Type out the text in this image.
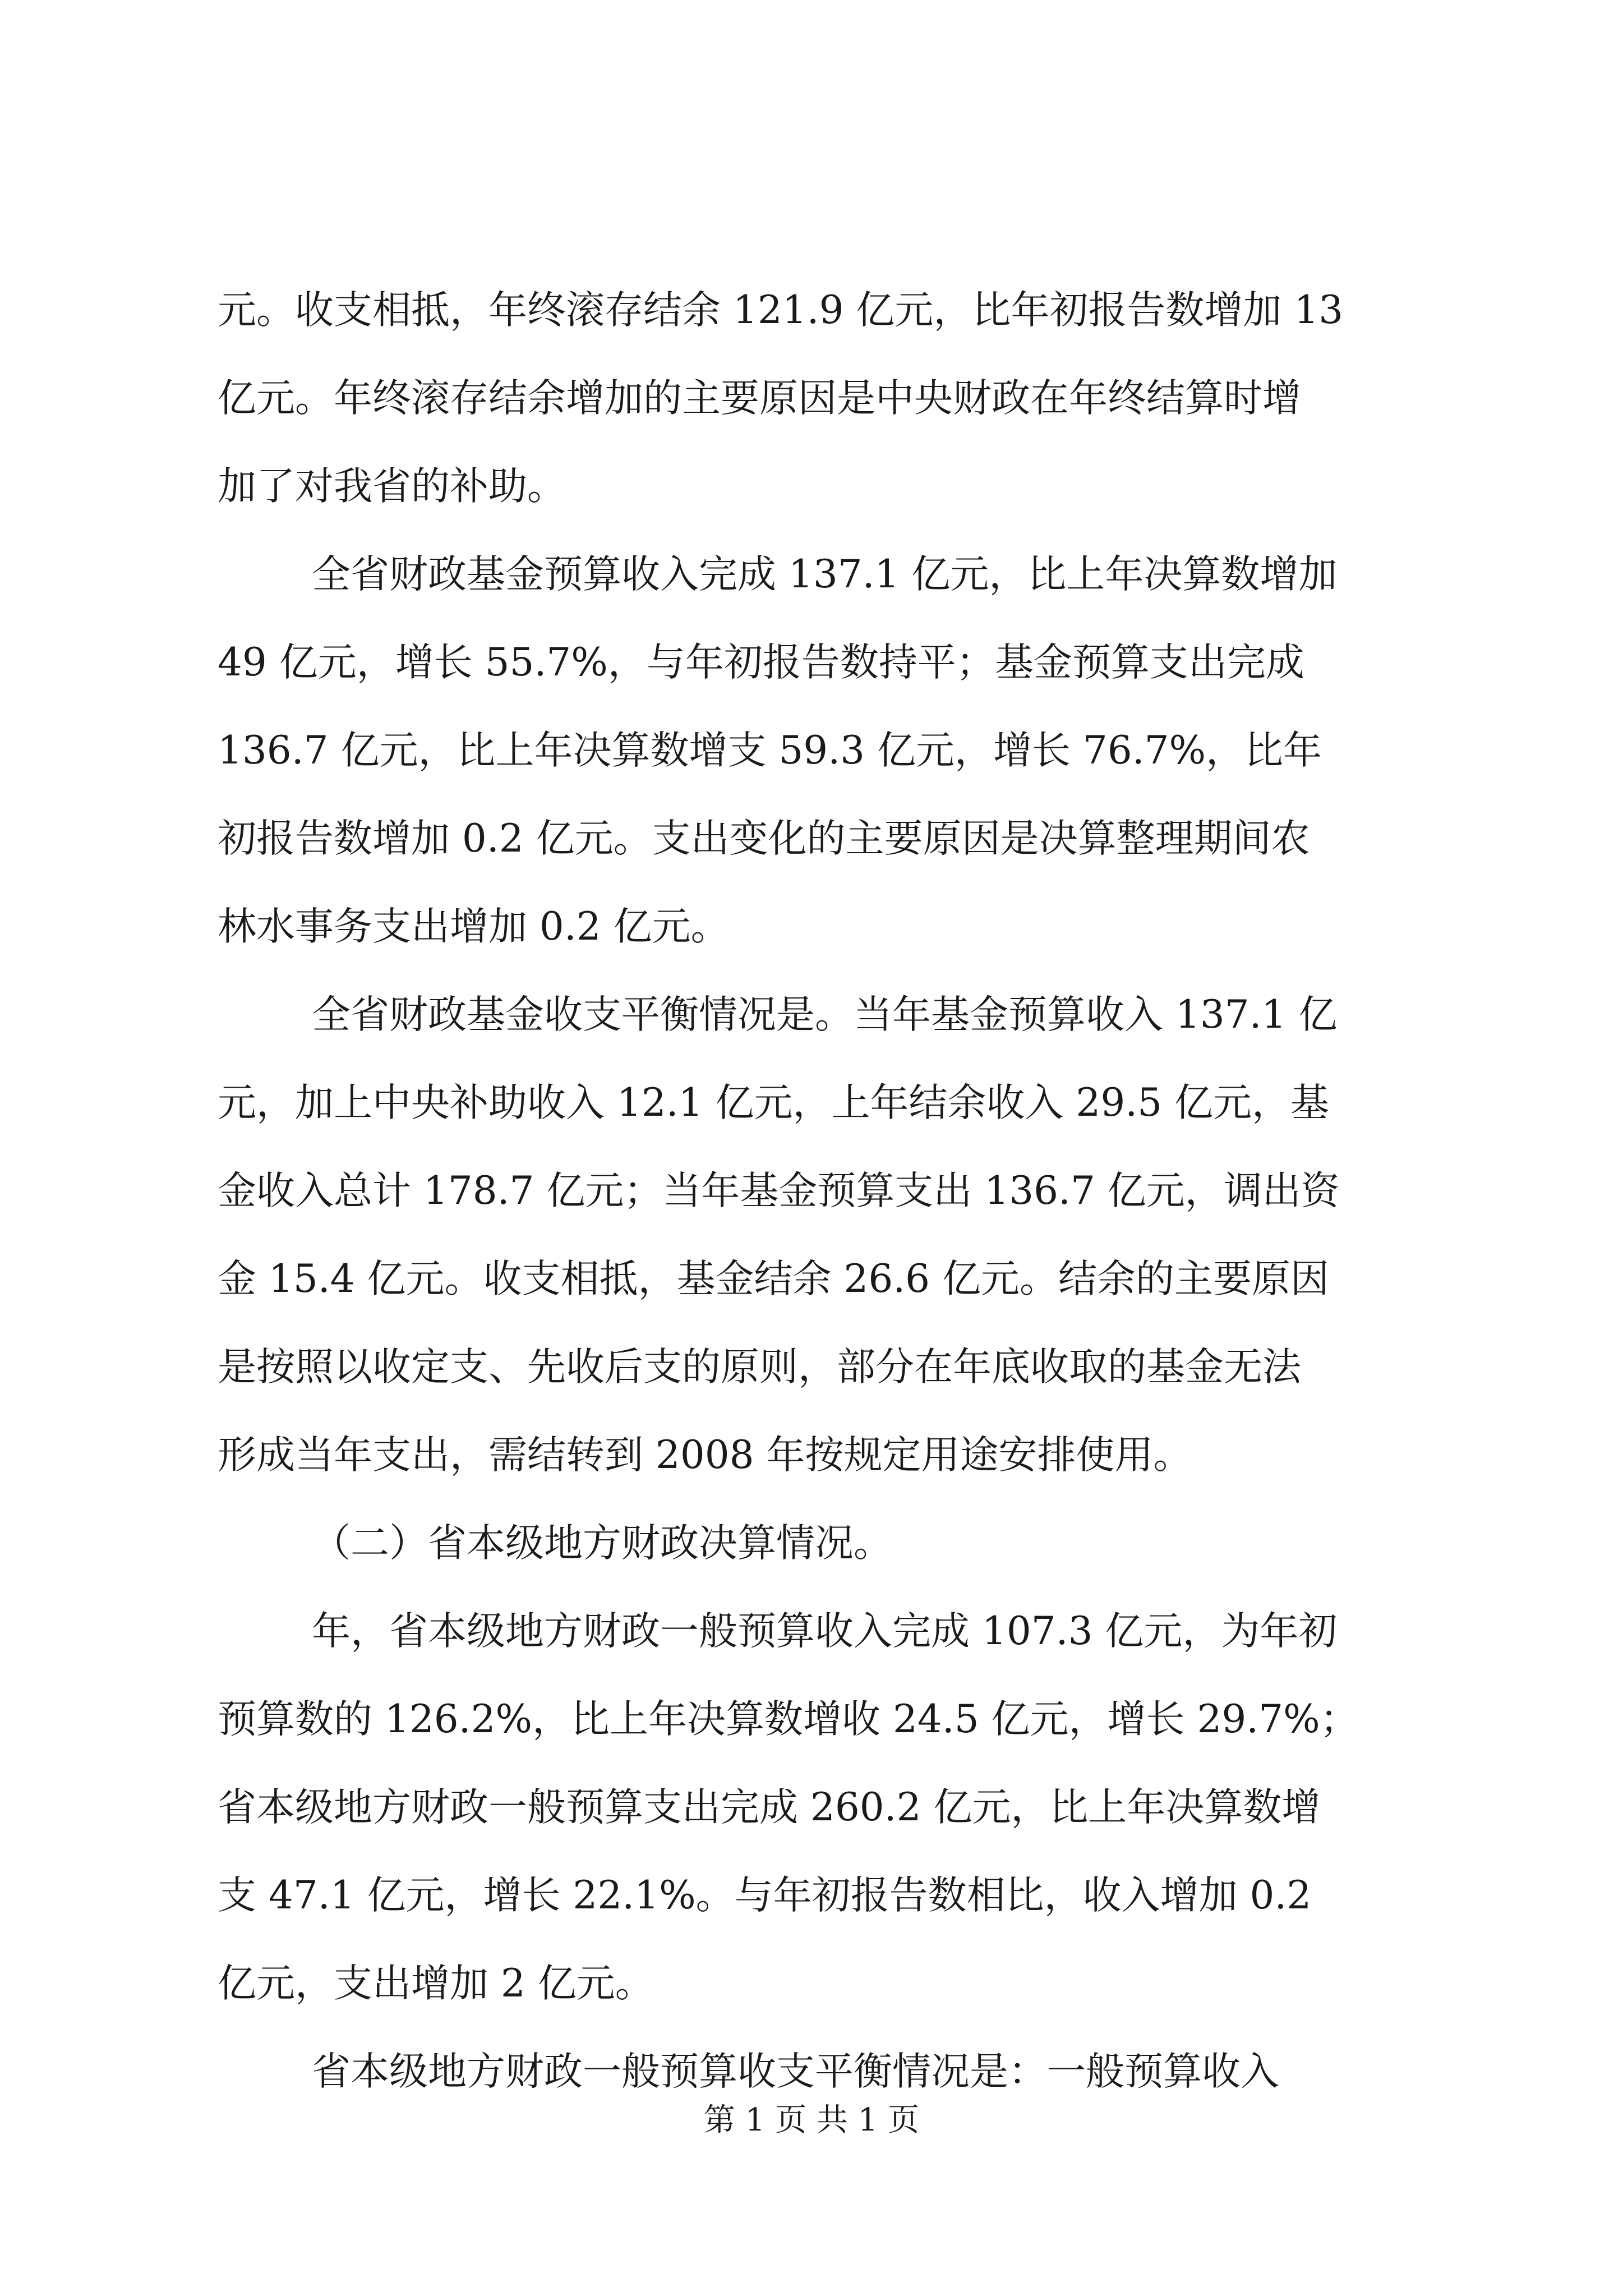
元。收支相抵，年终滚存结余 121.9 亿元，比年初报告数增加 13
亿元。年终滚存结余增加的主要原因是中央财政在年终结算时增
加了对我省的补助。
全省财政基金预算收入完成 137.1 亿元，比上年决算数增加
49 亿元，增长 55.7%，与年初报告数持平；基金预算支出完成
136.7 亿元，比上年决算数增支 59.3 亿元，增长 76.7%，比年
初报告数增加 0.2 亿元。支出变化的主要原因是决算整理期间农
林水事务支出增加 0.2 亿元。
全省财政基金收支平衡情况是。当年基金预算收入 137.1 亿
元，加上中央补助收入 12.1 亿元，上年结余收入 29.5 亿元，基
金收入总计 178.7 亿元；当年基金预算支出 136.7 亿元，调出资
金 15.4 亿元。收支相抵，基金结余 26.6 亿元。结余的主要原因
是按照以收定支、先收后支的原则，部分在年底收取的基金无法
形成当年支出，需结转到 2008 年按规定用途安排使用。
（二）省本级地方财政决算情况。
年，省本级地方财政一般预算收入完成 107.3 亿元，为年初
预算数的 126.2%，比上年决算数增收 24.5 亿元，增长 29.7%；
省本级地方财政一般预算支出完成 260.2 亿元，比上年决算数增
支 47.1 亿元，增长 22.1%。与年初报告数相比，收入增加 0.2
亿元，支出增加 2 亿元。
省本级地方财政一般预算收支平衡情况是：一般预算收入
第 1 页 共 1 页
